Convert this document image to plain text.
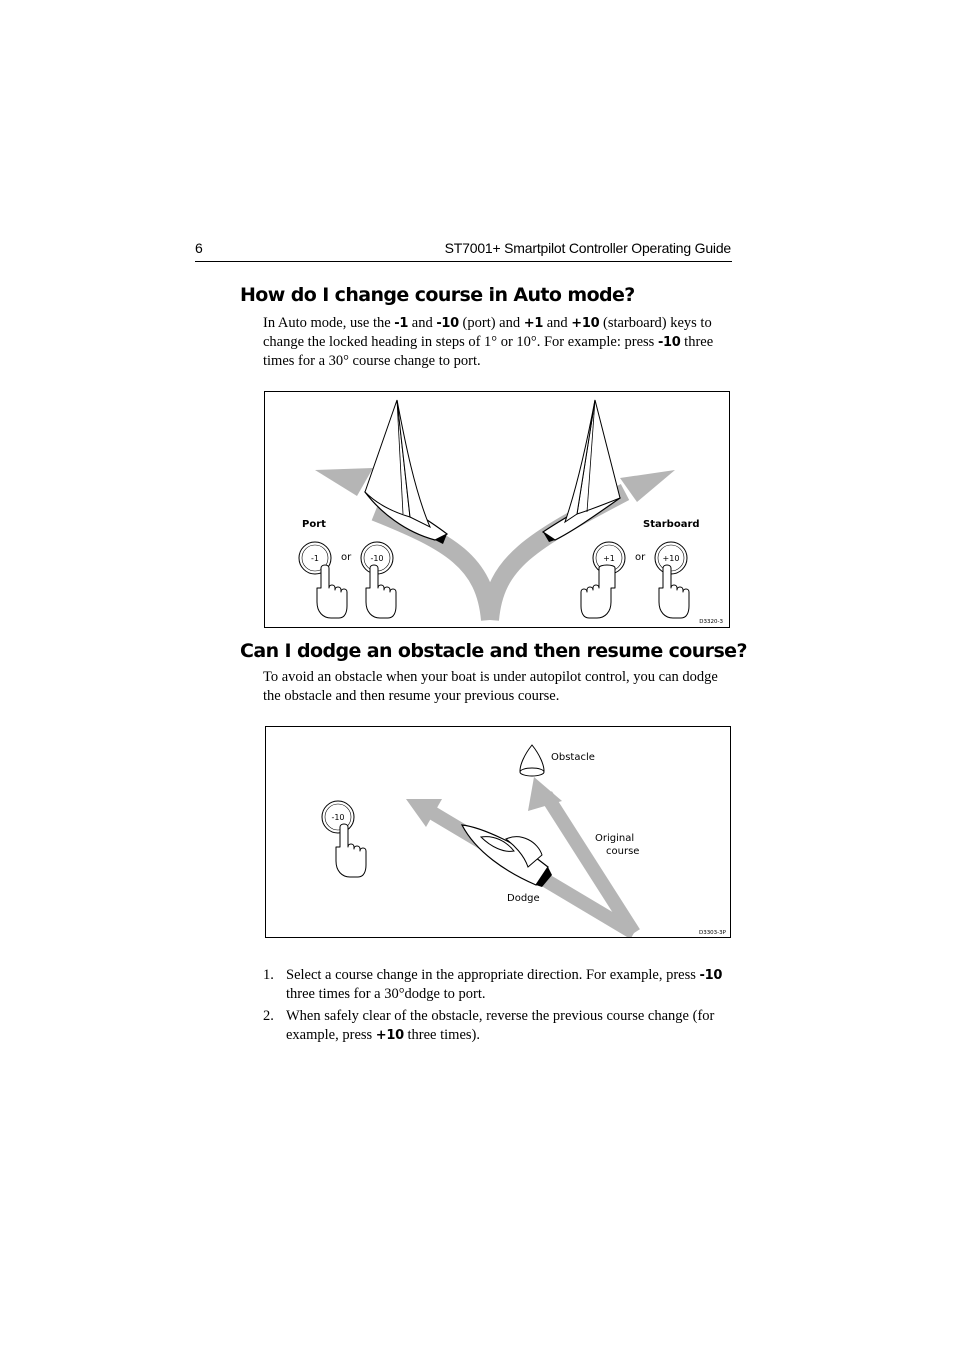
6	ST7001+ Smartpilot Controller Operating Guide
How do I change course in Auto mode?
In Auto mode, use the -1 and -10 (port) and +1 and +10 (starboard) keys to change the locked heading in steps of 1° or 10°. For example: press -10 three times for a 30° course change to port.
Port	Starboard
-1 or -10	+1 or +10
D3320-3
Can I dodge an obstacle and then resume course?
To avoid an obstacle when your boat is under autopilot control, you can dodge the obstacle and then resume your previous course.
Obstacle
Original
course
Dodge
-10
D3303-3P
1. Select a course change in the appropriate direction. For example, press -10 three times for a 30°dodge to port.
2. When safely clear of the obstacle, reverse the previous course change (for example, press +10 three times).
